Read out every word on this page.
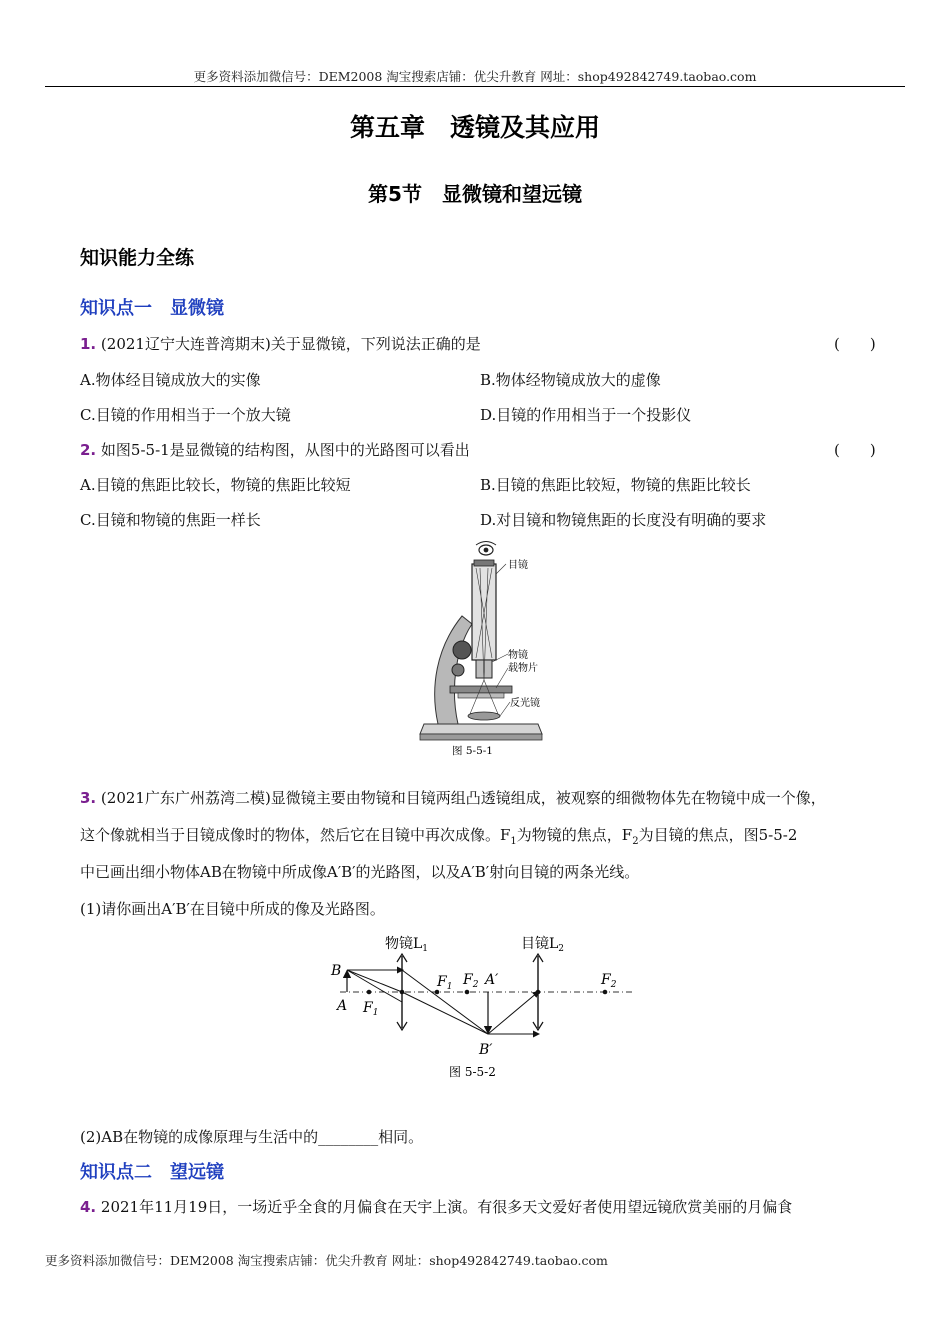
更多资料添加微信号：DEM2008 淘宝搜索店铺：优尖升教育 网址：shop492842749.taobao.com
第五章　透镜及其应用
第5节　显微镜和望远镜
知识能力全练
知识点一　显微镜
1. (2021辽宁大连普湾期末)关于显微镜，下列说法正确的是	(　　)
A.物体经目镜成放大的实像	B.物体经物镜成放大的虚像
C.目镜的作用相当于一个放大镜	D.目镜的作用相当于一个投影仪
2. 如图5-5-1是显微镜的结构图，从图中的光路图可以看出	(　　)
A.目镜的焦距比较长，物镜的焦距比较短	B.目镜的焦距比较短，物镜的焦距比较长
C.目镜和物镜的焦距一样长	D.对目镜和物镜焦距的长度没有明确的要求
目镜
物镜
载物片
反光镜
图 5-5-1
3. (2021广东广州荔湾二模)显微镜主要由物镜和目镜两组凸透镜组成，被观察的细微物体先在物镜中成一个像，
这个像就相当于目镜成像时的物体，然后它在目镜中再次成像。$F_1$为物镜的焦点，$F_2$为目镜的焦点，图5-5-2
中已画出细小物体AB在物镜中所成像A′B′的光路图，以及A′B′射向目镜的两条光线。
(1)请你画出A′B′在目镜中所成的像及光路图。
物镜$L_1$	目镜$L_2$
B
A $F_1$
$F_1$ $F_2$ A′
B′
$F_2$
图 5-5-2
(2)AB在物镜的成像原理与生活中的________相同。
知识点二　望远镜
4. 2021年11月19日，一场近乎全食的月偏食在天宇上演。有很多天文爱好者使用望远镜欣赏美丽的月偏食
更多资料添加微信号：DEM2008 淘宝搜索店铺：优尖升教育 网址：shop492842749.taobao.com
